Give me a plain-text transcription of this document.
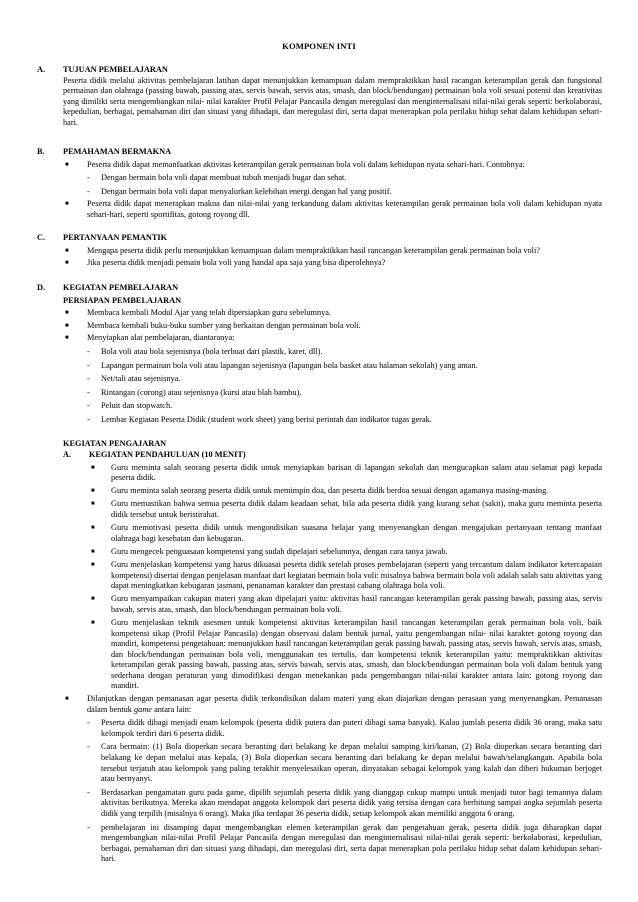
KOMPONEN INTI
A.	TUJUAN PEMBELAJARAN
Peserta didik melalui aktivitas pembelajaran latihan dapat menunjukkan kemampuan dalam mempraktikkan hasil racangan keterampilan gerak dan fungsional permainan dan olahraga (passing bawah, passing atas, servis bawah, servis atas, smash, dan block/bendungan) permainan bola voli sesuai potensi dan kreativitas yang dimiliki serta mengembangkan nilai- nilai karakter Profil Pelajar Pancasila dengan meregulasi dan menginternalisasi nilai-nilai gerak seperti: berkolaborasi, kepedulian, berbagai, pemahaman diri dan situasi yang dihadapi, dan meregulasi diri, serta dapat menerapkan pola perilaku hidup sehat dalam kehidupan sehari-hari.
B.	PEMAHAMAN BERMAKNA
■	Peserta didik dapat memanfaatkan aktivitas keterampilan gerak permainan bola voli dalam kehidupan nyata sehari-hari. Contohnya:
-	Dengan bermain bola voli dapat membuat tubuh menjadi bugar dan sehat.
-	Dengan bermain bola voli dapat menyalurkan kelebihan energi dengan hal yang positif.
■	Peserta didik dapat menerapkan makna dan nilai-nilai yang terkandung dalam aktivitas keterampilan gerak permainan bola voli dalam kehidupan nyata sehari-hari, seperti sportifitas, gotong royong dll.
C.	PERTANYAAN PEMANTIK
■	Mengapa peserta didik perlu menunjukkan kemampuan dalam mempraktikkan hasil rancangan keterampilan gerak permainan bola voli?
■	Jika peserta didik menjadi pemain bola voli yang handal apa saja yang bisa diperolehnya?
D.	KEGIATAN PEMBELAJARAN
PERSIAPAN PEMBELAJARAN
■	Membaca kembali Modul Ajar yang telah dipersiapkan guru sebelumnya.
■	Membaca kembali buku-buku sumber yang berkaitan dengan permainan bola voli.
■	Menyiapkan alat pembelajaran, diantaranya:
-	Bola voli atau bola sejenisnya (bola terbuat dari plastik, karet, dll).
-	Lapangan permainan bola voli atau lapangan sejenisnya (lapangan bola basket atau halaman sekolah) yang aman.
-	Net/tali atau sejenisnya.
-	Rintangan (corong) atau sejenisnya (kursi atau blah bambu).
-	Peluit dan stopwatch.
-	Lembar Kegiatan Peserta Didik (student work sheet) yang berisi perintah dan indikator tugas gerak.
KEGIATAN PENGAJARAN
A.	KEGIATAN PENDAHULUAN (10 MENIT)
■	Guru meminta salah seorang peserta didik untuk menyiapkan barisan di lapangan sekolah dan mengucapkan salam atau selamat pagi kepada peserta didik.
■	Guru meminta salah seorang peserta didik untuk memimpin doa, dan peserta didik berdoa sesuai dengan agamanya masing-masing.
■	Guru memastikan bahwa semua peserta didik dalam keadaan sehat, bila ada peserta didik yang kurang sehat (sakit), maka guru meminta peserta didik tersebut untuk beristirahat.
■	Guru memotivasi peserta didik untuk mengondisikan suasana belajar yang menyenangkan dengan mengajukan pertanyaan tentang manfaat olahraga bagi kesehatan dan kebugaran.
■	Guru mengecek penguasaan kompetensi yang sudah dipelajari sebelumnya, dengan cara tanya jawab.
■	Guru menjelaskan kompetensi yang harus dikuasai peserta didik setelah proses pembelajaran (seperti yang tercantum dalam indikator ketercapaian kompetensi) disertai dengan penjelasan manfaat dari kegiatan bermain bola voli: misalnya bahwa bermain bola voli adalah salah satu aktivitas yang dapat meningkatkan kebugaran jasmani, penanaman karakter dan prestasi cabang olahraga bola voli.
■	Guru menyampaikan cakupan materi yang akan dipelajari yaitu: aktivitas hasil rancangan keterampilan gerak passing bawah, passing atas, servis bawah, servis atas, smash, dan block/bendungan permainan bola voli.
■	Guru menjelaskan teknik asesmen untuk kompetensi aktivitas keterampilan hasil rancangan keterampilan gerak permainan bola voli, baik kompetensi sikap (Profil Pelajar Pancasila) dengan observasi dalam bentuk jurnal, yaitu pengembangan nilai- nilai karakter gotong royong dan mandiri, kompetensi pengetahuan: menunjukkan hasil rancangan keterampilan gerak passing bawah, passing atas, servis bawah, servis atas, smash, dan block/bendungan permainan bola voli, menggunakan tes tertulis, dan kompetensi teknik keterampilan yaitu: mempraktikkan aktivitas keterampilan gerak passing bawah, passing atas, servis bawah, servis atas, smash, dan block/bendungan permainan bola voli dalam bentuk yang sederhana dengan peraturan yang dimodifikasi dengan menekankan pada pengembangan nilai-nilai karakter antara lain: gotong royong dan mandiri.
■	Dilanjutkan dengan pemanasan agar peserta didik terkondisikan dalam materi yang akan diajarkan dengan perasaan yang menyenangkan. Pemanasan dalam bentuk game antara lain:
-	Peserta didik dibagi menjadi enam kelompok (peserta didik putera dan puteri dibagi sama banyak). Kalau jumlah peserta didik 36 orang, maka satu kelompok terdiri dari 6 peserta didik.
-	Cara bermain: (1) Bola dioperkan secara beranting dari belakang ke depan melalui samping kiri/kanan, (2) Bola dioperkan secara beranting dari belakang ke depan melalui atas kepala, (3) Bola dioperkan secara beranting dari belakang ke depan melalui bawah/selangkangan. Apabila bola tersebut terjatuh atau kelompok yang paling terakhir menyelesaikan operan, dinyatakan sebagai kelompok yang kalah dan diberi hukuman berjoget atau bernyanyi.
-	Berdasarkan pengamatan guru pada game, dipilih sejumlah peserta didik yang dianggap cukup mampu untuk menjadi tutor bagi temannya dalam aktivitas berikutnya. Mereka akan mendapat anggota kelompok dari peserta didik yang tersisa dengan cara berhitung sampai angka sejumlah peserta didik yang terpilih (misalnya 6 orang). Maka jika terdapat 36 peserta didik, setiap kelompok akan memiliki anggota 6 orang.
-	pembelajaran ini disamping dapat mengembangkan elemen keterampilan gerak dan pengetahuan gerak, peserta didik juga diharapkan dapat mengembangkan nilai-nilai Profil Pelajar Pancasila dengan meregulasi dan menginternalisasi nilai-nilai gerak seperti: berkolaborasi, kepedulian, berbagai, pemahaman diri dan situasi yang dihadapi, dan meregulasi diri, serta dapat menerapkan pola perilaku hidup sehat dalam kehidupan sehari-hari.
